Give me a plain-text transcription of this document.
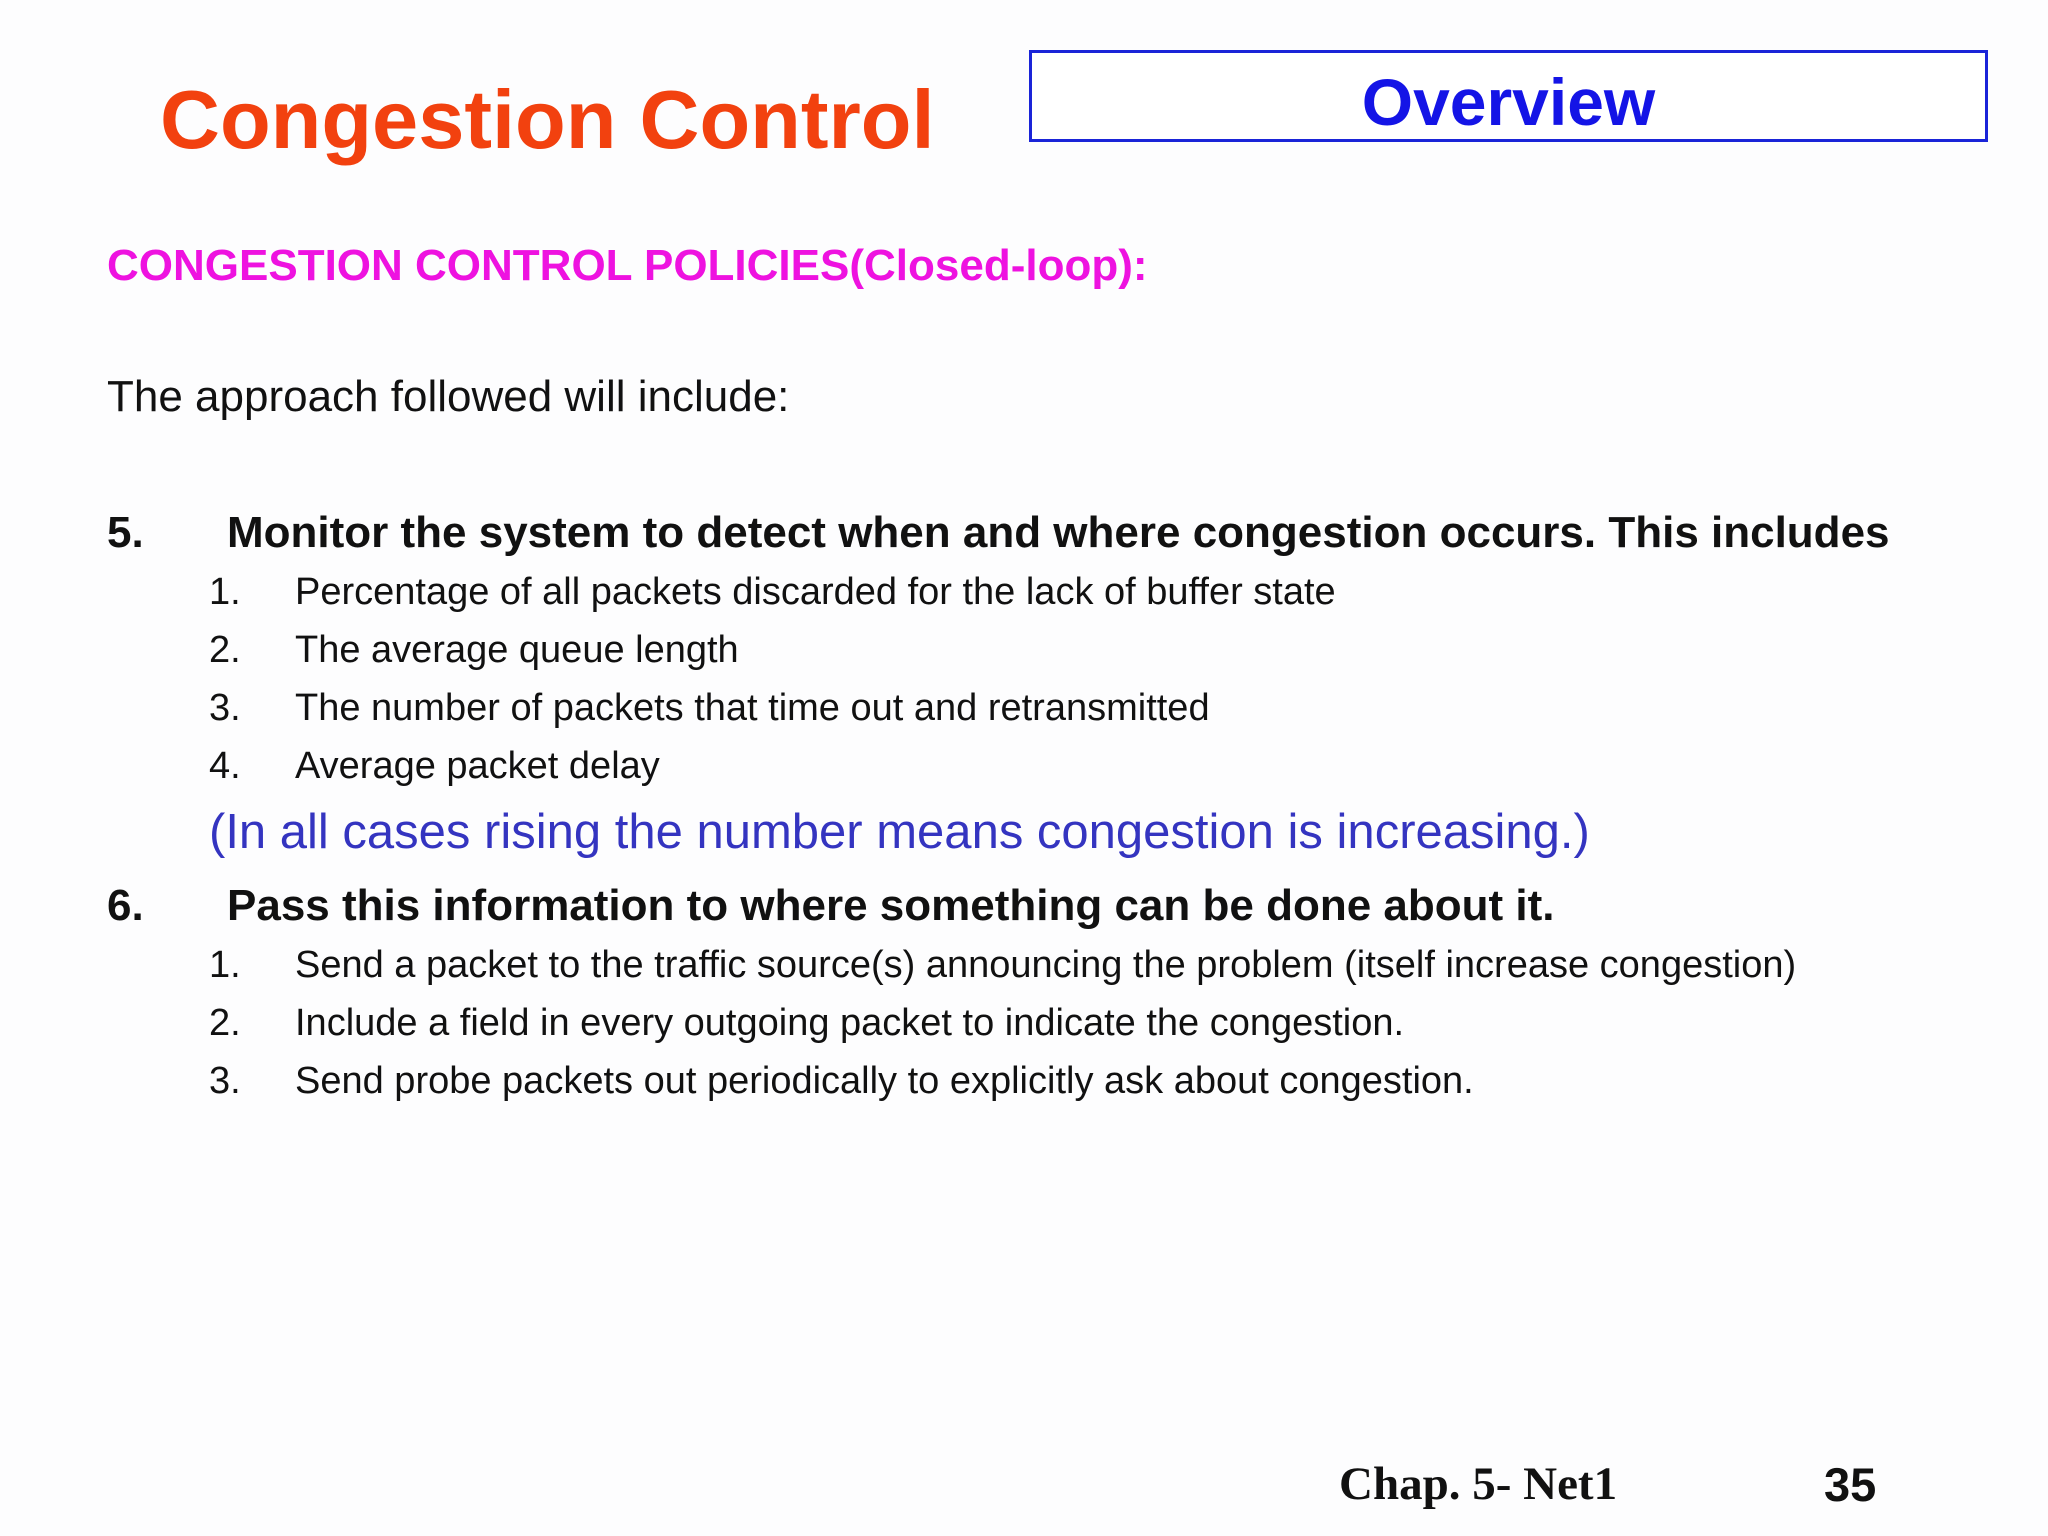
Congestion Control	Overview
CONGESTION CONTROL POLICIES(Closed-loop):
The approach followed will include:
5. Monitor the system to detect when and where congestion occurs. This includes
1. Percentage of all packets discarded for the lack of buffer state
2. The average queue length
3. The number of packets that time out and retransmitted
4. Average packet delay
(In all cases rising the number means congestion is increasing.)
6. Pass this information to where something can be done about it.
1. Send a packet to the traffic source(s) announcing the problem (itself increase congestion)
2. Include a field in every outgoing packet to indicate the congestion.
3. Send probe packets out periodically to explicitly ask about congestion.
Chap. 5- Net1	35
